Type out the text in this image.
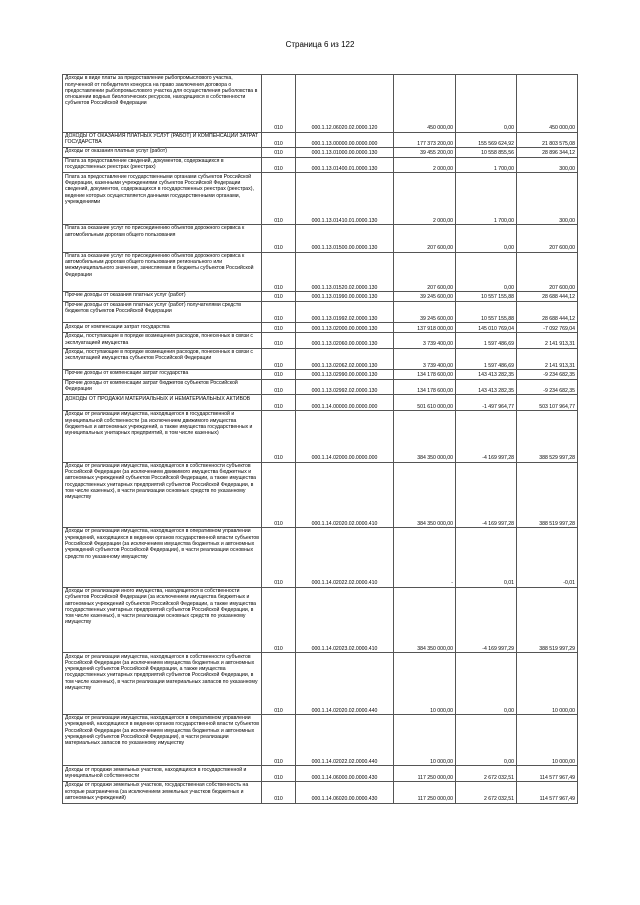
Страница 6 из 122
Доходы в виде платы за предоставление рыбопромыслового участка, полученной от победителя конкурса на право заключения договора о предоставлении рыбопромыслового участка для осуществления рыболовства в отношении водных биологических ресурсов, находящихся в собственности субъектов Российской Федерации	010	000.1.12.06020.02.0000.120	450 000,00	0,00	450 000,00
ДОХОДЫ ОТ ОКАЗАНИЯ ПЛАТНЫХ УСЛУГ (РАБОТ) И КОМПЕНСАЦИИ ЗАТРАТ ГОСУДАРСТВА	010	000.1.13.00000.00.0000.000	177 373 200,00	155 569 624,92	21 803 575,08
Доходы от оказания платных услуг (работ)	010	000.1.13.01000.00.0000.130	39 455 200,00	10 558 855,56	28 896 344,12
Плата за предоставление сведений, документов, содержащихся в государственных реестрах (реестрах)	010	000.1.13.01400.01.0000.130	2 000,00	1 700,00	300,00
Плата за предоставление государственными органами субъектов Российской Федерации, казенными учреждениями субъектов Российской Федерации сведений, документов, содержащихся в государственных реестрах (реестрах), ведение которых осуществляется данными государственными органами, учреждениями	010	000.1.13.01410.01.0000.130	2 000,00	1 700,00	300,00
Плата за оказание услуг по присоединению объектов дорожного сервиса к автомобильным дорогам общего пользования	010	000.1.13.01500.00.0000.130	207 600,00	0,00	207 600,00
Плата за оказание услуг по присоединению объектов дорожного сервиса к автомобильным дорогам общего пользования регионального или межмуниципального значения, зачисляемая в бюджеты субъектов Российской Федерации	010	000.1.13.01520.02.0000.130	207 600,00	0,00	207 600,00
Прочие доходы от оказания платных услуг (работ)	010	000.1.13.01990.00.0000.130	39 245 600,00	10 557 155,88	28 688 444,12
Прочие доходы от оказания платных услуг (работ) получателями средств бюджетов субъектов Российской Федерации	010	000.1.13.01992.02.0000.130	39 245 600,00	10 557 155,88	28 688 444,12
Доходы от компенсации затрат государства	010	000.1.13.02000.00.0000.130	137 918 000,00	145 010 769,04	-7 092 769,04
Доходы, поступающие в порядке возмещения расходов, понесенных в связи с эксплуатацией имущества	010	000.1.13.02060.00.0000.130	3 739 400,00	1 597 486,69	2 141 913,31
Доходы, поступающие в порядке возмещения расходов, понесенных в связи с эксплуатацией имущества субъектов Российской Федерации	010	000.1.13.02062.02.0000.130	3 739 400,00	1 597 486,69	2 141 913,31
Прочие доходы от компенсации затрат государства	010	000.1.13.02990.00.0000.130	134 178 600,00	143 413 282,35	-9 234 682,35
Прочие доходы от компенсации затрат бюджетов субъектов Российской Федерации	010	000.1.13.02992.02.0000.130	134 178 600,00	143 413 282,35	-9 234 682,35
ДОХОДЫ ОТ ПРОДАЖИ МАТЕРИАЛЬНЫХ И НЕМАТЕРИАЛЬНЫХ АКТИВОВ	010	000.1.14.00000.00.0000.000	501 610 000,00	-1 497 964,77	503 107 964,77
Доходы от реализации имущества, находящегося в государственной и муниципальной собственности (за исключением движимого имущества бюджетных и автономных учреждений, а также имущества государственных и муниципальных унитарных предприятий, в том числе казенных)	010	000.1.14.02000.00.0000.000	384 350 000,00	-4 169 997,28	388 529 997,28
Доходы от реализации имущества, находящегося в собственности субъектов Российской Федерации (за исключением движимого имущества бюджетных и автономных учреждений субъектов Российской Федерации, а также имущества государственных унитарных предприятий субъектов Российской Федерации, в том числе казенных), в части реализации основных средств по указанному имуществу	010	000.1.14.02020.02.0000.410	384 350 000,00	-4 169 997,28	388 519 997,28
Доходы от реализации имущества, находящегося в оперативном управлении учреждений, находящихся в ведении органов государственной власти субъектов Российской Федерации (за исключением имущества бюджетных и автономных учреждений субъектов Российской Федерации), в части реализации основных средств по указанному имуществу	010	000.1.14.02022.02.0000.410	-	0,01	-0,01
Доходы от реализации иного имущества, находящегося в собственности субъектов Российской Федерации (за исключением имущества бюджетных и автономных учреждений субъектов Российской Федерации, а также имущества государственных унитарных предприятий субъектов Российской Федерации, в том числе казенных), в части реализации основных средств по указанному имуществу	010	000.1.14.02023.02.0000.410	384 350 000,00	-4 169 997,29	388 519 997,29
Доходы от реализации имущества, находящегося в собственности субъектов Российской Федерации (за исключением имущества бюджетных и автономных учреждений субъектов Российской Федерации, а также имущества государственных унитарных предприятий субъектов Российской Федерации, в том числе казенных), в части реализации материальных запасов по указанному имуществу	010	000.1.14.02020.02.0000.440	10 000,00	0,00	10 000,00
Доходы от реализации имущества, находящегося в оперативном управлении учреждений, находящихся в ведении органов государственной власти субъектов Российской Федерации (за исключением имущества бюджетных и автономных учреждений субъектов Российской Федерации), в части реализации материальных запасов по указанному имуществу	010	000.1.14.02022.02.0000.440	10 000,00	0,00	10 000,00
Доходы от продажи земельных участков, находящихся в государственной и муниципальной собственности	010	000.1.14.06000.00.0000.430	117 250 000,00	2 672 032,51	114 577 967,49
Доходы от продажи земельных участков, государственная собственность на которые разграничена (за исключением земельных участков бюджетных и автономных учреждений)	010	000.1.14.06020.00.0000.430	117 250 000,00	2 672 032,51	114 577 967,49
